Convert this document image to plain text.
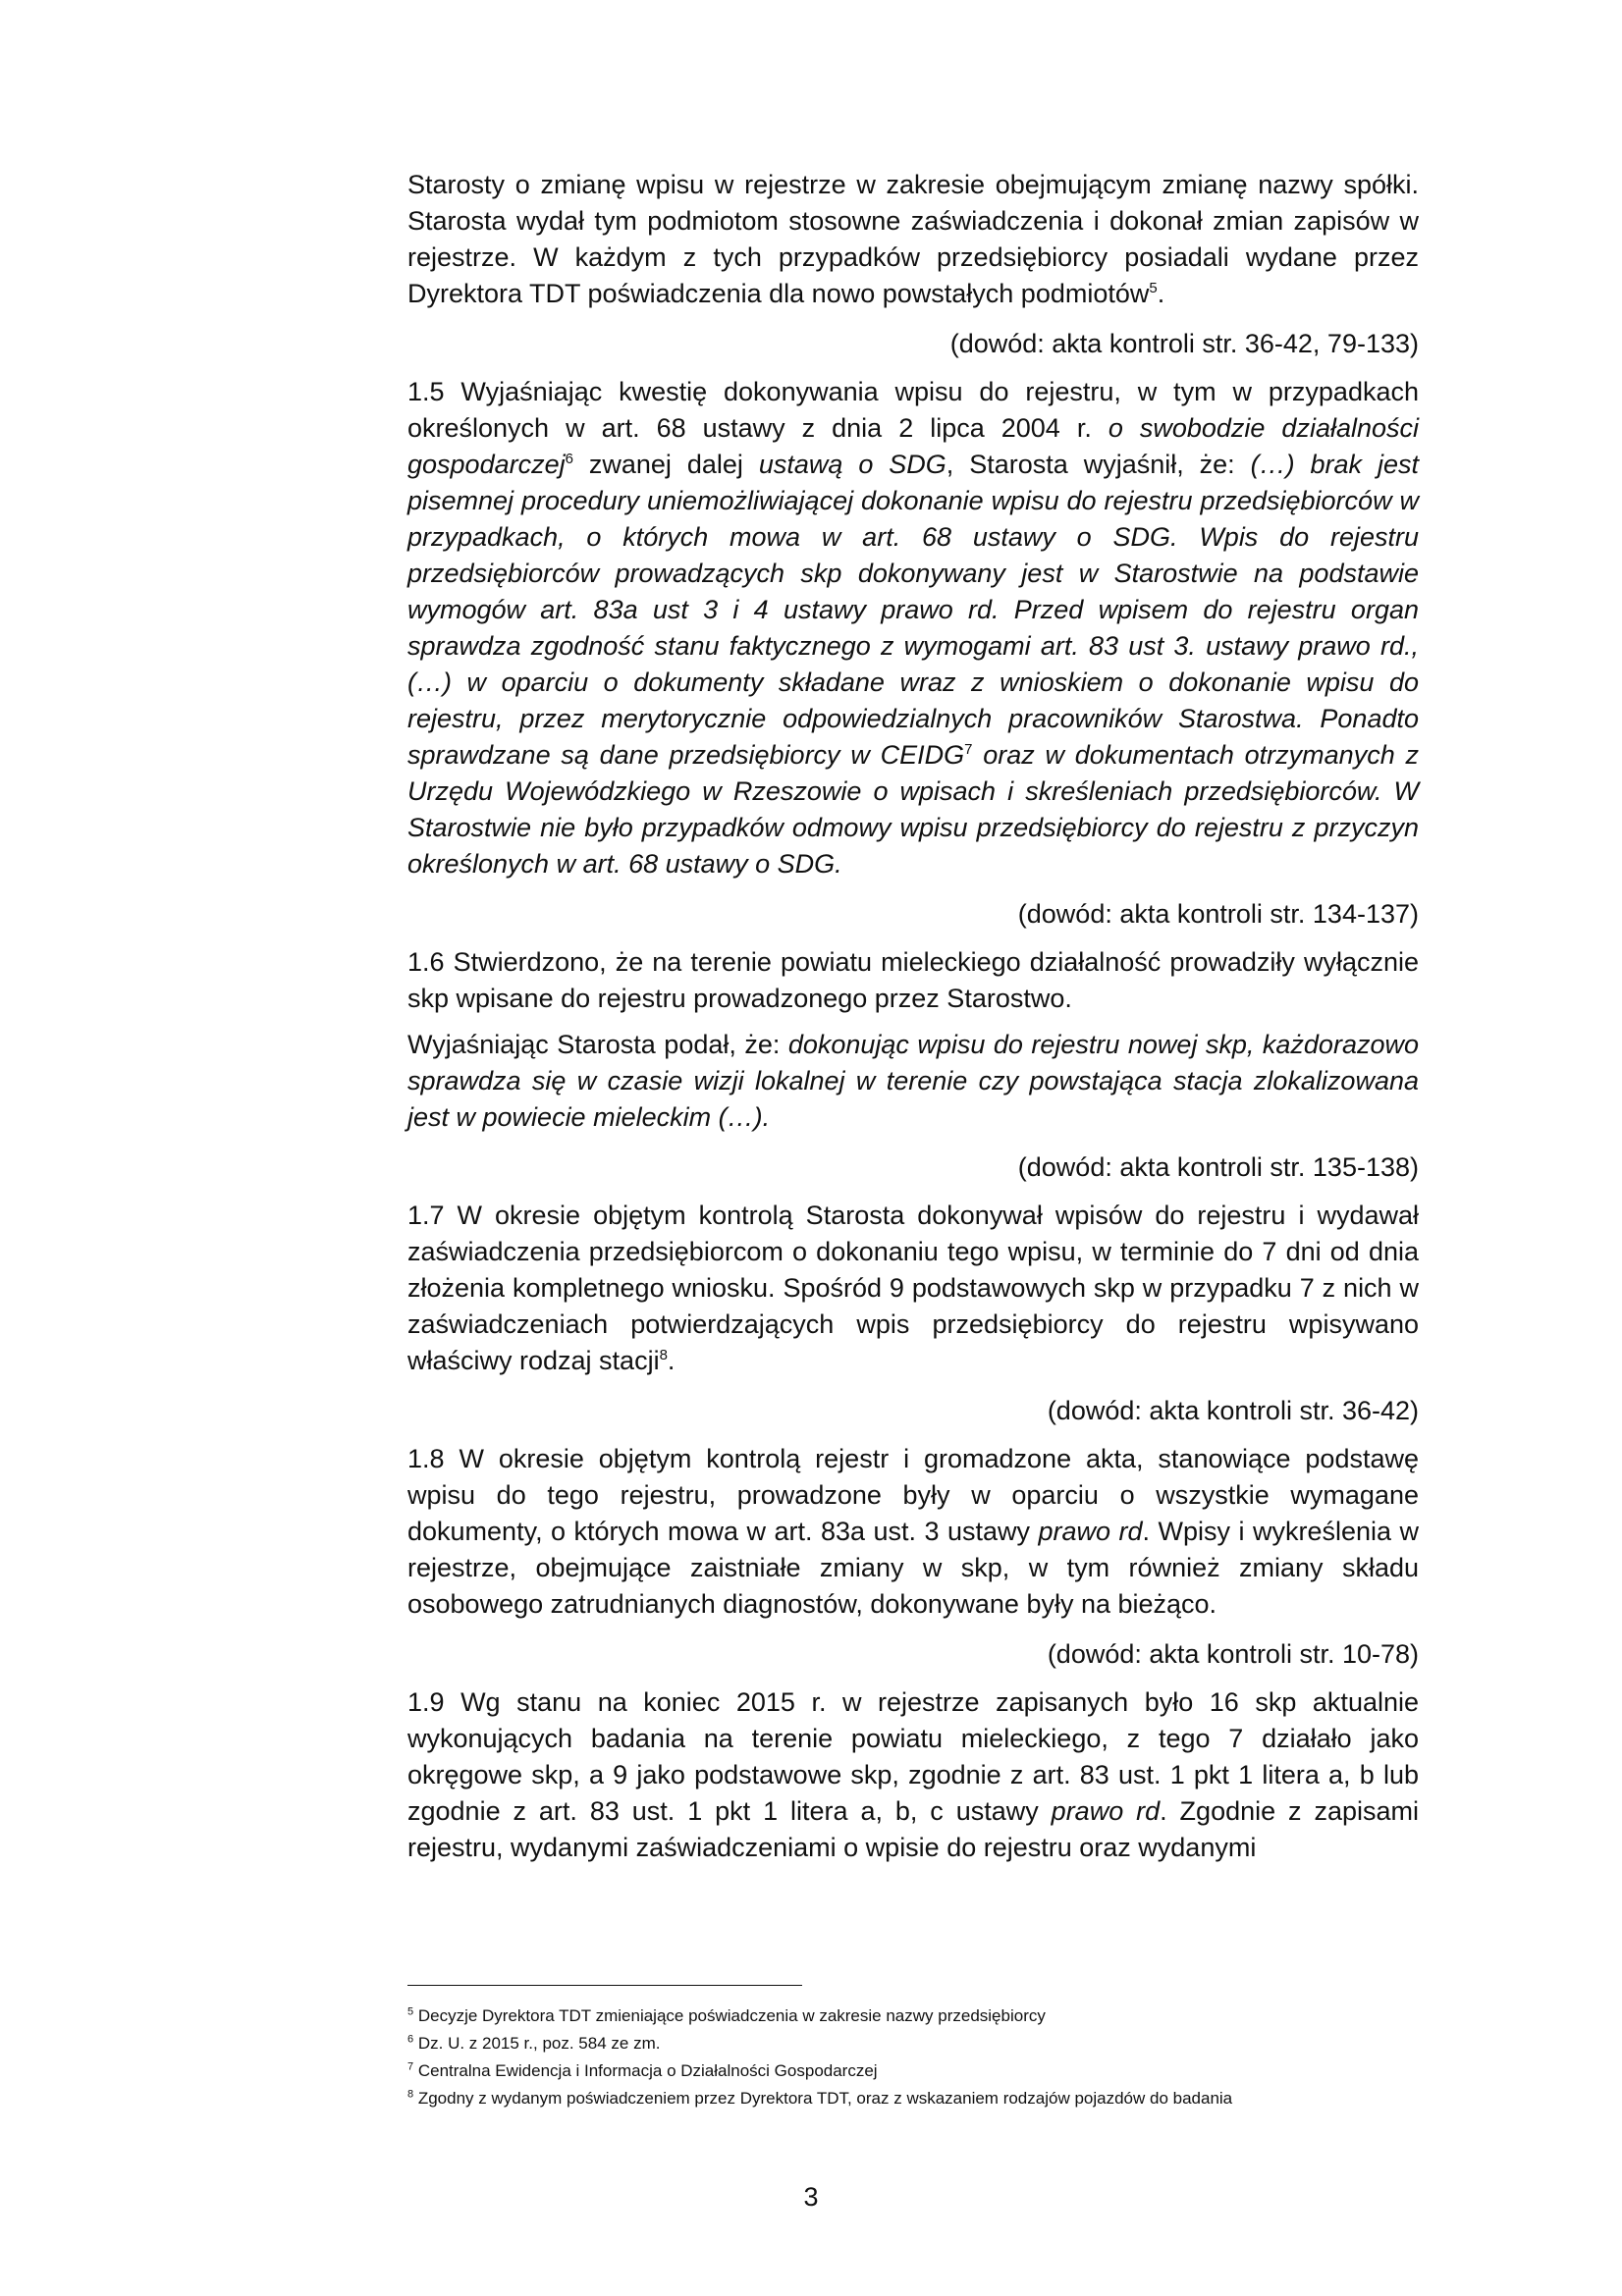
Starosty o zmianę wpisu w rejestrze w zakresie obejmującym zmianę nazwy spółki. Starosta wydał tym podmiotom stosowne zaświadczenia i dokonał zmian zapisów w rejestrze. W każdym z tych przypadków przedsiębiorcy posiadali wydane przez Dyrektora TDT poświadczenia dla nowo powstałych podmiotów$^5$.

(dowód: akta kontroli str. 36-42, 79-133)

1.5 Wyjaśniając kwestię dokonywania wpisu do rejestru, w tym w przypadkach określonych w art. 68 ustawy z dnia 2 lipca 2004 r. o swobodzie działalności gospodarczej$^6$ zwanej dalej ustawą o SDG, Starosta wyjaśnił, że: (…) brak jest pisemnej procedury uniemożliwiającej dokonanie wpisu do rejestru przedsiębiorców w przypadkach, o których mowa w art. 68 ustawy o SDG. Wpis do rejestru przedsiębiorców prowadzących skp dokonywany jest w Starostwie na podstawie wymogów art. 83a ust 3 i 4 ustawy prawo rd. Przed wpisem do rejestru organ sprawdza zgodność stanu faktycznego z wymogami art. 83 ust 3. ustawy prawo rd., (…) w oparciu o dokumenty składane wraz z wnioskiem o dokonanie wpisu do rejestru, przez merytorycznie odpowiedzialnych pracowników Starostwa. Ponadto sprawdzane są dane przedsiębiorcy w CEIDG$^7$ oraz w dokumentach otrzymanych z Urzędu Wojewódzkiego w Rzeszowie o wpisach i skreśleniach przedsiębiorców. W Starostwie nie było przypadków odmowy wpisu przedsiębiorcy do rejestru z przyczyn określonych w art. 68 ustawy o SDG.

(dowód: akta kontroli str. 134-137)

1.6 Stwierdzono, że na terenie powiatu mieleckiego działalność prowadziły wyłącznie skp wpisane do rejestru prowadzonego przez Starostwo.

Wyjaśniając Starosta podał, że: dokonując wpisu do rejestru nowej skp, każdorazowo sprawdza się w czasie wizji lokalnej w terenie czy powstająca stacja zlokalizowana jest w powiecie mieleckim (…).

(dowód: akta kontroli str. 135-138)

1.7 W okresie objętym kontrolą Starosta dokonywał wpisów do rejestru i wydawał zaświadczenia przedsiębiorcom o dokonaniu tego wpisu, w terminie do 7 dni od dnia złożenia kompletnego wniosku. Spośród 9 podstawowych skp w przypadku 7 z nich w zaświadczeniach potwierdzających wpis przedsiębiorcy do rejestru wpisywano właściwy rodzaj stacji$^8$.

(dowód: akta kontroli str. 36-42)

1.8 W okresie objętym kontrolą rejestr i gromadzone akta, stanowiące podstawę wpisu do tego rejestru, prowadzone były w oparciu o wszystkie wymagane dokumenty, o których mowa w art. 83a ust. 3 ustawy prawo rd. Wpisy i wykreślenia w rejestrze, obejmujące zaistniałe zmiany w skp, w tym również zmiany składu osobowego zatrudnianych diagnostów, dokonywane były na bieżąco.

(dowód: akta kontroli str. 10-78)

1.9 Wg stanu na koniec 2015 r. w rejestrze zapisanych było 16 skp aktualnie wykonujących badania na terenie powiatu mieleckiego, z tego 7 działało jako okręgowe skp, a 9 jako podstawowe skp, zgodnie z art. 83 ust. 1 pkt 1 litera a, b lub zgodnie z art. 83 ust. 1 pkt 1 litera a, b, c ustawy prawo rd. Zgodnie z zapisami rejestru, wydanymi zaświadczeniami o wpisie do rejestru oraz wydanymi

$^5$ Decyzje Dyrektora TDT zmieniające poświadczenia w zakresie nazwy przedsiębiorcy
$^6$ Dz. U. z 2015 r., poz. 584 ze zm.
$^7$ Centralna Ewidencja i Informacja o Działalności Gospodarczej
$^8$ Zgodny z wydanym poświadczeniem przez Dyrektora TDT, oraz z wskazaniem rodzajów pojazdów do badania
3
